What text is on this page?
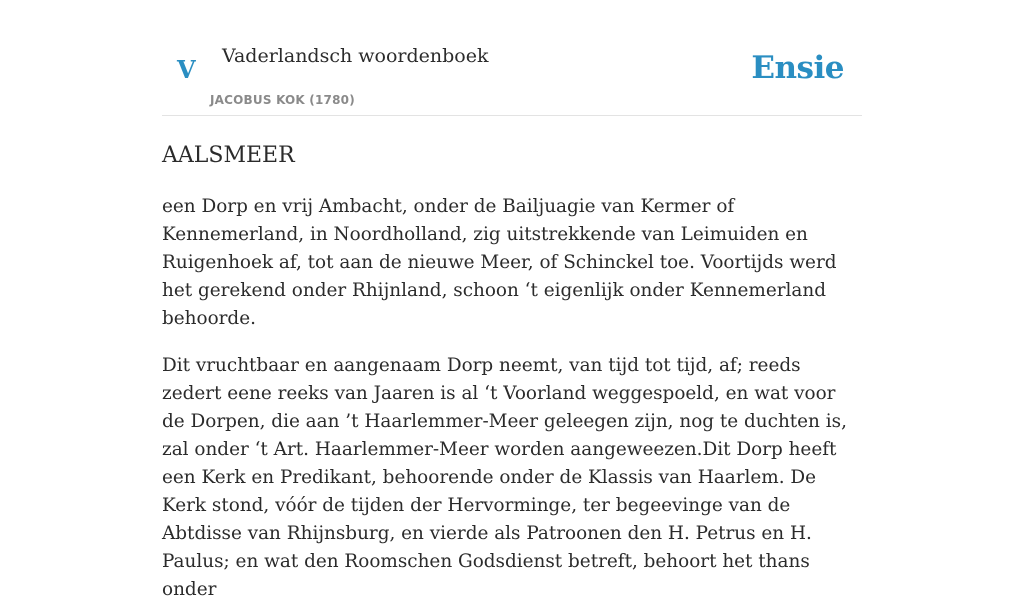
V Vaderlandsch woordenboek
JACOBUS KOK (1780)
Ensie
AALSMEER

een Dorp en vrij Ambacht, onder de Bailjuagie van Kermer of Kennemerland, in Noordholland, zig uitstrekkende van Leimuiden en Ruigenhoek af, tot aan de nieuwe Meer, of Schinckel toe. Voortijds werd het gerekend onder Rhijnland, schoon ‘t eigenlijk onder Kennemerland behoorde.

Dit vruchtbaar en aangenaam Dorp neemt, van tijd tot tijd, af; reeds zedert eene reeks van Jaaren is al ‘t Voorland weggespoeld, en wat voor de Dorpen, die aan ’t Haarlemmer-Meer geleegen zijn, nog te duchten is, zal onder ‘t Art. Haarlemmer-Meer worden aangeweezen.Dit Dorp heeft een Kerk en Predikant, behoorende onder de Klassis van Haarlem. De Kerk stond, vóór de tijden der Hervorminge, ter begeevinge van de Abtdisse van Rhijnsburg, en vierde als Patroonen den H. Petrus en H. Paulus; en wat den Roomschen Godsdienst betreft, behoort het thans onder
